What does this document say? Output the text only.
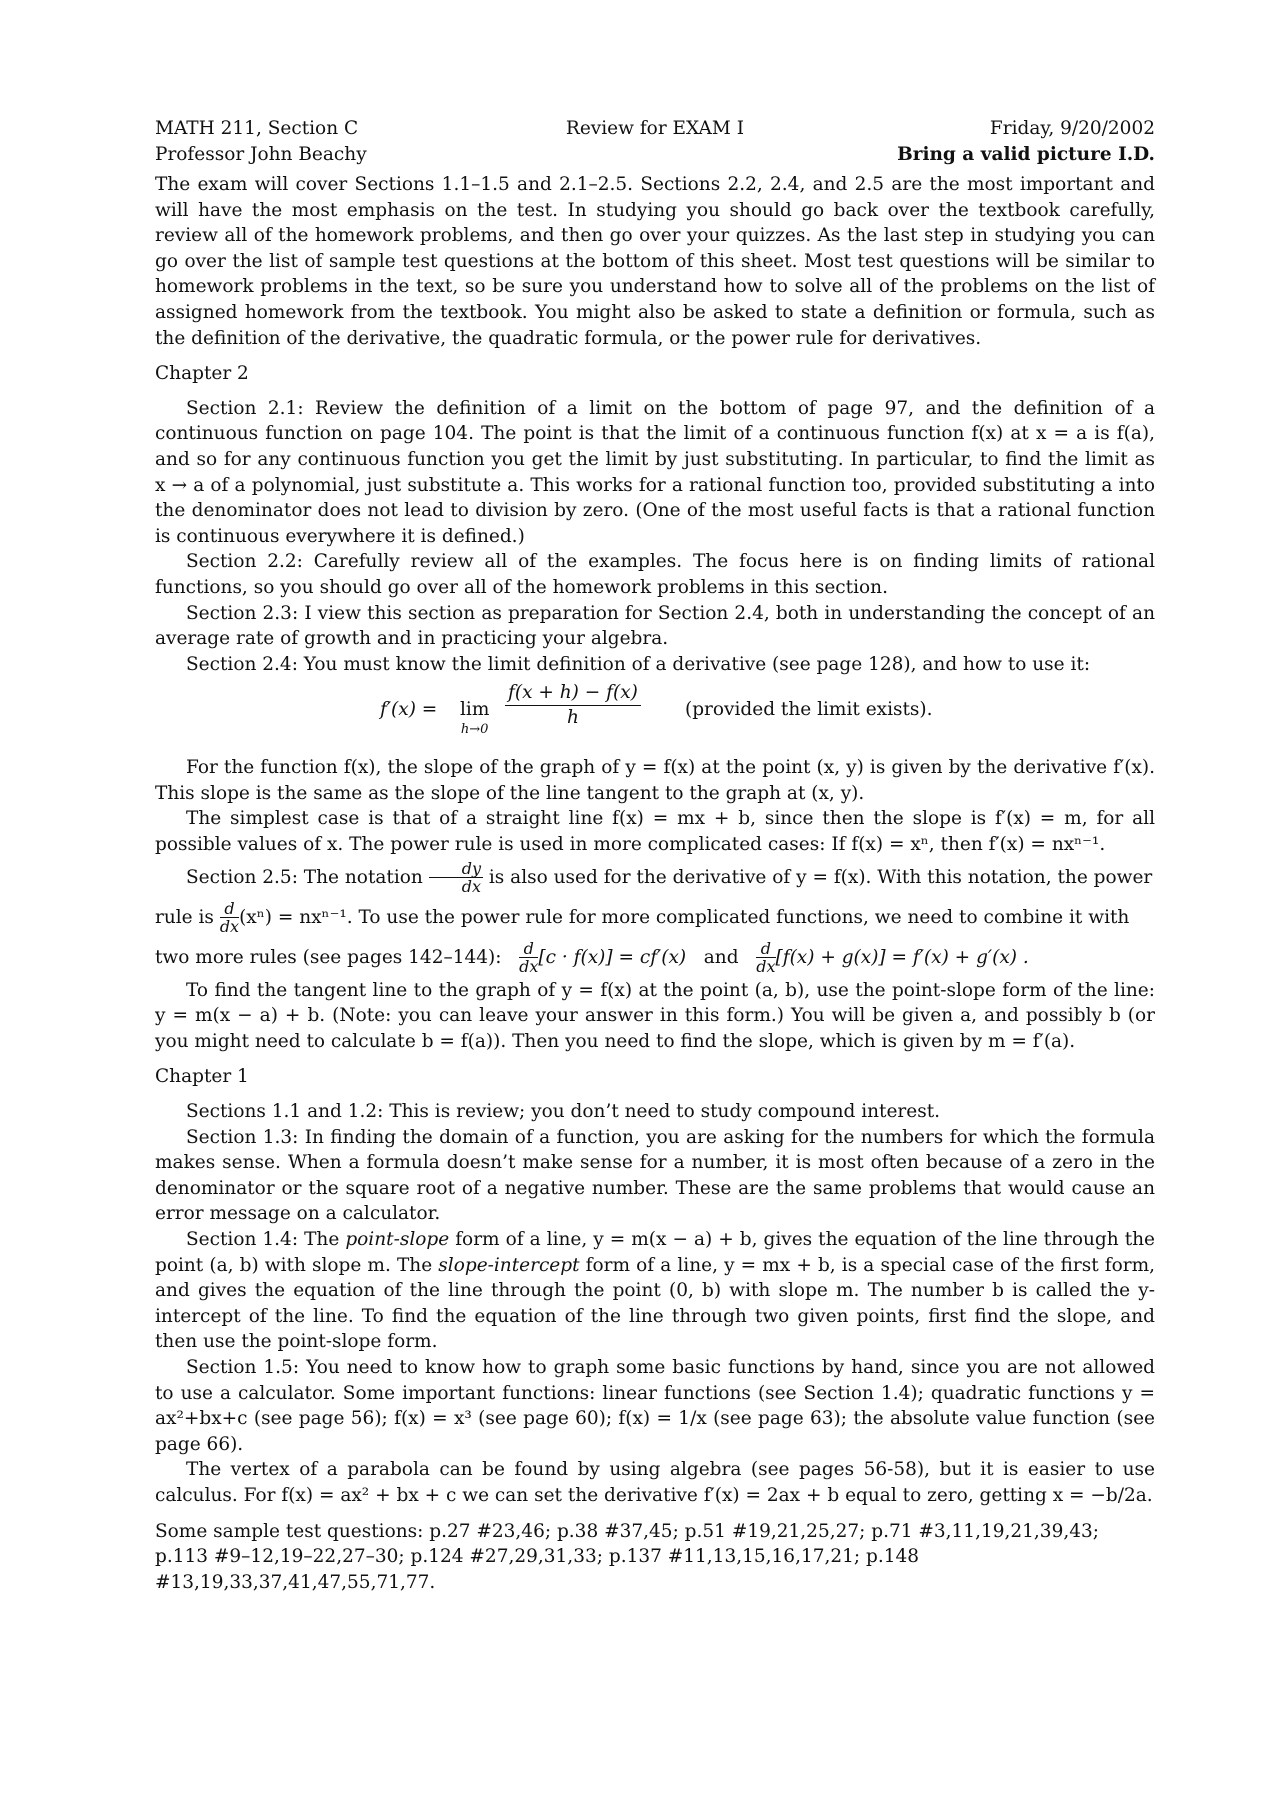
MATH 211, Section C	Review for EXAM I	Friday, 9/20/2002
Professor John Beachy	Bring a valid picture I.D.

The exam will cover Sections 1.1–1.5 and 2.1–2.5. Sections 2.2, 2.4, and 2.5 are the most important and will have the most emphasis on the test. In studying you should go back over the textbook carefully, review all of the homework problems, and then go over your quizzes. As the last step in studying you can go over the list of sample test questions at the bottom of this sheet. Most test questions will be similar to homework problems in the text, so be sure you understand how to solve all of the problems on the list of assigned homework from the textbook. You might also be asked to state a definition or formula, such as the definition of the derivative, the quadratic formula, or the power rule for derivatives.

Chapter 2

Section 2.1: Review the definition of a limit on the bottom of page 97, and the definition of a continuous function on page 104. The point is that the limit of a continuous function f(x) at x = a is f(a), and so for any continuous function you get the limit by just substituting. In particular, to find the limit as x → a of a polynomial, just substitute a. This works for a rational function too, provided substituting a into the denominator does not lead to division by zero. (One of the most useful facts is that a rational function is continuous everywhere it is defined.)

Section 2.2: Carefully review all of the examples. The focus here is on finding limits of rational functions, so you should go over all of the homework problems in this section.

Section 2.3: I view this section as preparation for Section 2.4, both in understanding the concept of an average rate of growth and in practicing your algebra.

Section 2.4: You must know the limit definition of a derivative (see page 128), and how to use it:

f′(x) = lim
$h\to 0 \frac{f(x + h) - f(x)}{h}$ (provided the limit exists).

For the function f(x), the slope of the graph of y = f(x) at the point (x, y) is given by the derivative f′(x). This slope is the same as the slope of the line tangent to the graph at (x, y).

The simplest case is that of a straight line f(x) = mx + b, since then the slope is f′(x) = m, for all possible values of x. The power rule is used in more complicated cases: If f(x) = xⁿ, then f′(x) = nxⁿ⁻¹.

Section 2.5: The notation $\frac{dy}{dx}$ is also used for the derivative of y = f(x). With this notation, the power

rule is $\frac{d}{dx} (x^n) = nx^{n-1}$. To use the power rule for more complicated functions, we need to combine it with

two more rules (see pages 142–144): $\frac{d}{dx} [c \cdot f(x)] = cf'(x)$ and $\frac{d}{dx} [f(x) + g(x)] = f'(x) + g'(x)$ .

To find the tangent line to the graph of y = f(x) at the point (a, b), use the point-slope form of the line: y = m(x − a) + b. (Note: you can leave your answer in this form.) You will be given a, and possibly b (or you might need to calculate b = f(a)). Then you need to find the slope, which is given by m = f′(a).

Chapter 1

Sections 1.1 and 1.2: This is review; you don’t need to study compound interest.

Section 1.3: In finding the domain of a function, you are asking for the numbers for which the formula makes sense. When a formula doesn’t make sense for a number, it is most often because of a zero in the denominator or the square root of a negative number. These are the same problems that would cause an error message on a calculator.

Section 1.4: The point-slope form of a line, y = m(x − a) + b, gives the equation of the line through the point (a, b) with slope m. The slope-intercept form of a line, y = mx + b, is a special case of the first form, and gives the equation of the line through the point (0, b) with slope m. The number b is called the y-intercept of the line. To find the equation of the line through two given points, first find the slope, and then use the point-slope form.

Section 1.5: You need to know how to graph some basic functions by hand, since you are not allowed to use a calculator. Some important functions: linear functions (see Section 1.4); quadratic functions y = ax²+bx+c (see page 56); f(x) = x³ (see page 60); f(x) = 1/x (see page 63); the absolute value function (see page 66).

The vertex of a parabola can be found by using algebra (see pages 56-58), but it is easier to use calculus. For f(x) = ax² + bx + c we can set the derivative f′(x) = 2ax + b equal to zero, getting x = −b/2a.

Some sample test questions: p.27 #23,46; p.38 #37,45; p.51 #19,21,25,27; p.71 #3,11,19,21,39,43;

p.113 #9–12,19–22,27–30; p.124 #27,29,31,33; p.137 #11,13,15,16,17,21; p.148 #13,19,33,37,41,47,55,71,77.
